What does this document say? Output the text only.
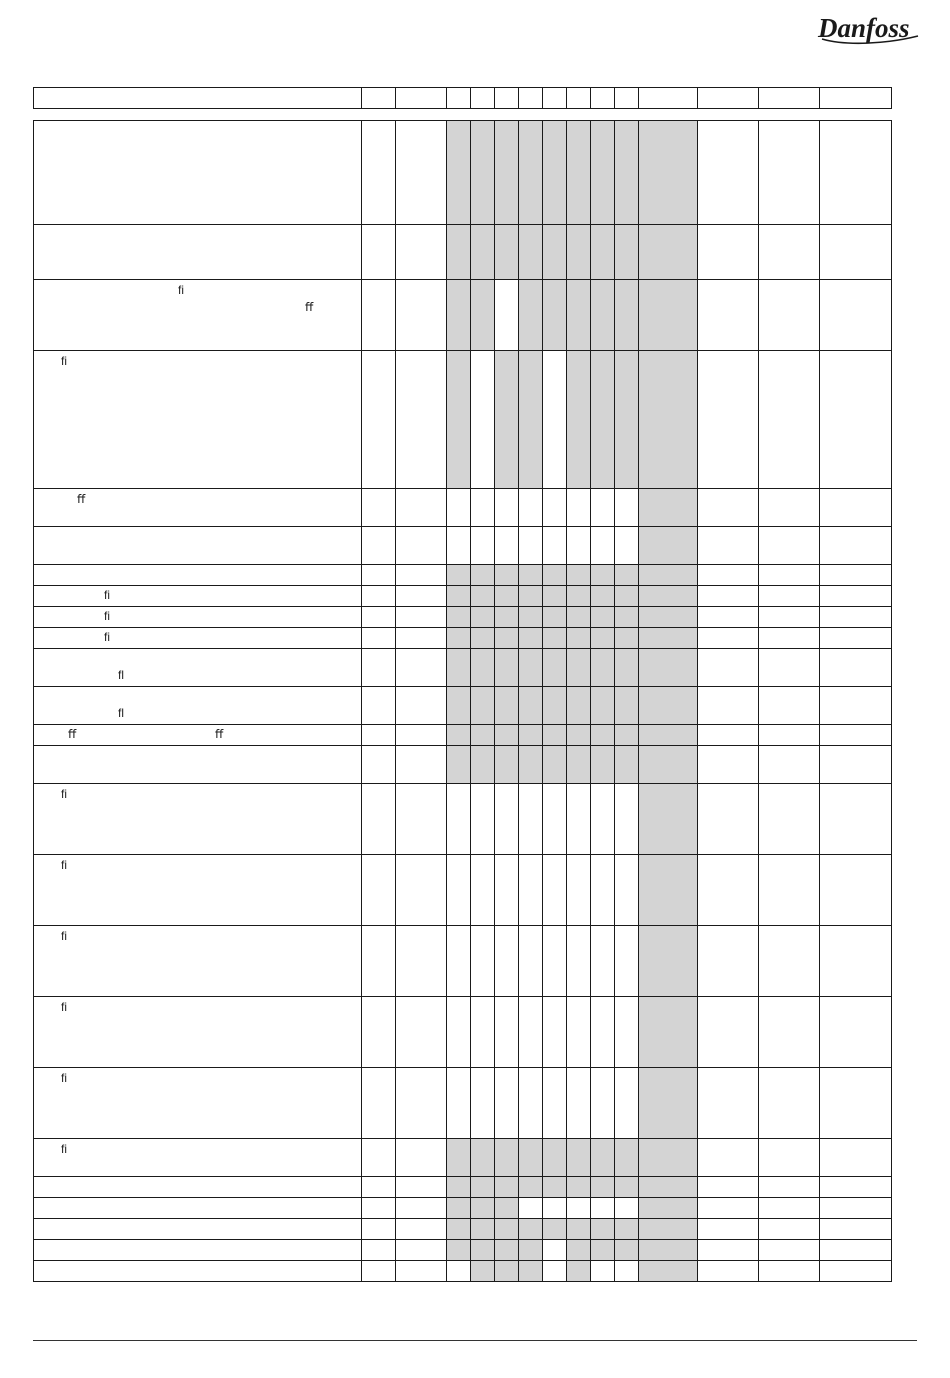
Danfoss

ﬁ
ﬀ														

ﬁ														

ﬀ														

ﬁ														

ﬁ														

ﬁ														

ﬂ														

ﬂ														

ﬀ ﬀ														

ﬁ														

ﬁ														

ﬁ														

ﬁ														

ﬁ														

ﬁ														
